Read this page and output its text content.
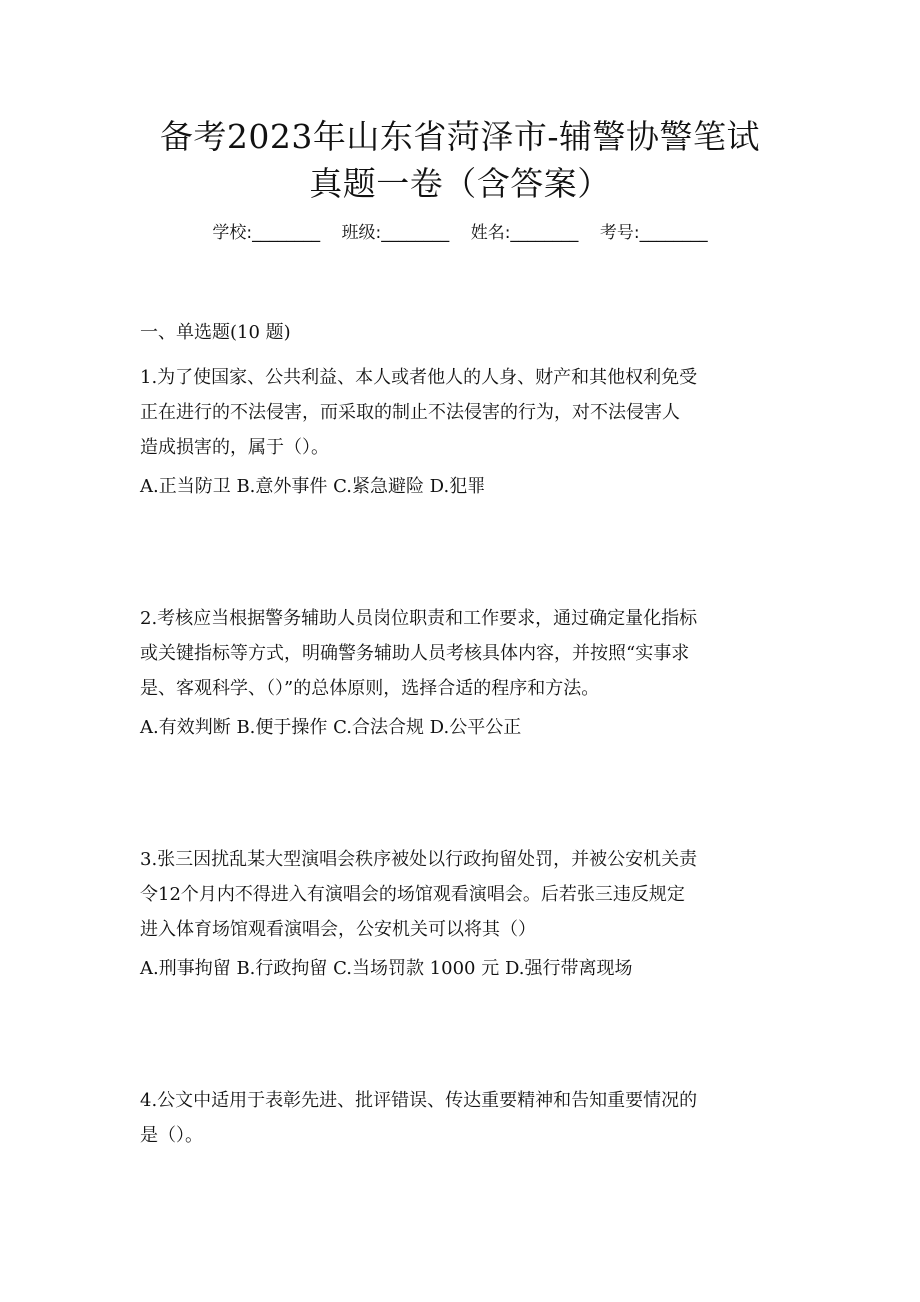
备考2023年山东省菏泽市-辅警协警笔试
真题一卷（含答案）
学校:________ 班级:________ 姓名:________ 考号:________
一、单选题(10 题)
1.为了使国家、公共利益、本人或者他人的人身、财产和其他权利免受
正在进行的不法侵害，而采取的制止不法侵害的行为，对不法侵害人
造成损害的，属于（）。
A.正当防卫 B.意外事件 C.紧急避险 D.犯罪
2.考核应当根据警务辅助人员岗位职责和工作要求，通过确定量化指标
或关键指标等方式，明确警务辅助人员考核具体内容，并按照“实事求
是、客观科学、（）”的总体原则，选择合适的程序和方法。
A.有效判断 B.便于操作 C.合法合规 D.公平公正
3.张三因扰乱某大型演唱会秩序被处以行政拘留处罚，并被公安机关责
令12个月内不得进入有演唱会的场馆观看演唱会。后若张三违反规定
进入体育场馆观看演唱会，公安机关可以将其（）
A.刑事拘留 B.行政拘留 C.当场罚款 1000 元 D.强行带离现场
4.公文中适用于表彰先进、批评错误、传达重要精神和告知重要情况的
是（）。
